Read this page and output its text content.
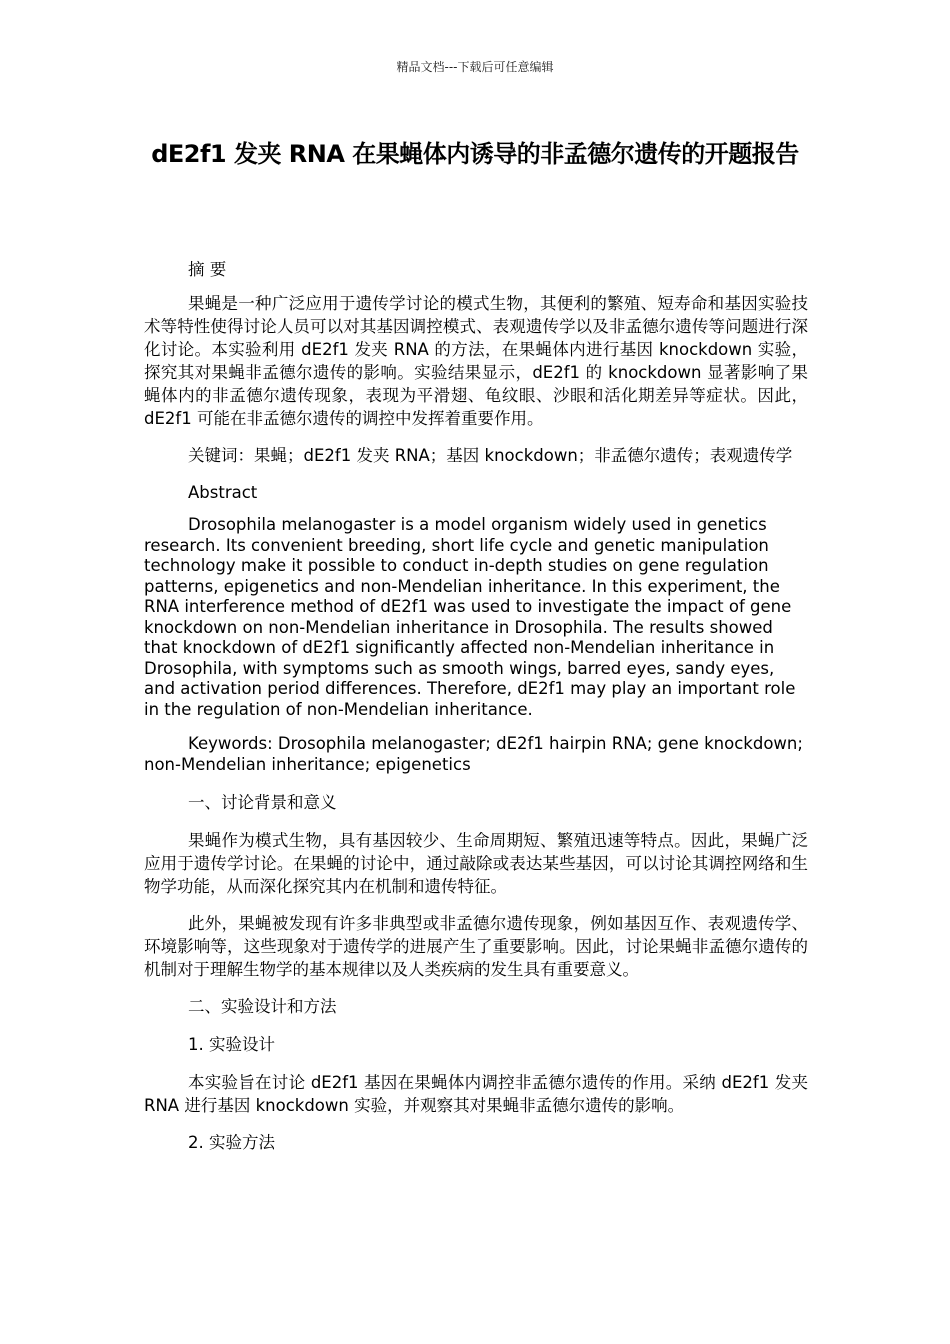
精品文档---下载后可任意编辑
dE2f1 发夹 RNA 在果蝇体内诱导的非孟德尔遗传的开题报告

摘 要

果蝇是一种广泛应用于遗传学讨论的模式生物，其便利的繁殖、短寿命和基因实验技术等特性使得讨论人员可以对其基因调控模式、表观遗传学以及非孟德尔遗传等问题进行深化讨论。本实验利用 dE2f1 发夹 RNA 的方法，在果蝇体内进行基因 knockdown 实验，探究其对果蝇非孟德尔遗传的影响。实验结果显示，dE2f1 的 knockdown 显著影响了果蝇体内的非孟德尔遗传现象，表现为平滑翅、龟纹眼、沙眼和活化期差异等症状。因此，dE2f1 可能在非孟德尔遗传的调控中发挥着重要作用。

关键词：果蝇；dE2f1 发夹 RNA；基因 knockdown；非孟德尔遗传；表观遗传学

Abstract

Drosophila melanogaster is a model organism widely used in genetics research. Its convenient breeding, short life cycle and genetic manipulation technology make it possible to conduct in-depth studies on gene regulation patterns, epigenetics and non-Mendelian inheritance. In this experiment, the RNA interference method of dE2f1 was used to investigate the impact of gene knockdown on non-Mendelian inheritance in Drosophila. The results showed that knockdown of dE2f1 significantly affected non-Mendelian inheritance in Drosophila, with symptoms such as smooth wings, barred eyes, sandy eyes, and activation period differences. Therefore, dE2f1 may play an important role in the regulation of non-Mendelian inheritance.

Keywords: Drosophila melanogaster; dE2f1 hairpin RNA; gene knockdown; non-Mendelian inheritance; epigenetics

一、讨论背景和意义

果蝇作为模式生物，具有基因较少、生命周期短、繁殖迅速等特点。因此，果蝇广泛应用于遗传学讨论。在果蝇的讨论中，通过敲除或表达某些基因，可以讨论其调控网络和生物学功能，从而深化探究其内在机制和遗传特征。

此外，果蝇被发现有许多非典型或非孟德尔遗传现象，例如基因互作、表观遗传学、环境影响等，这些现象对于遗传学的进展产生了重要影响。因此，讨论果蝇非孟德尔遗传的机制对于理解生物学的基本规律以及人类疾病的发生具有重要意义。

二、实验设计和方法

1. 实验设计

本实验旨在讨论 dE2f1 基因在果蝇体内调控非孟德尔遗传的作用。采纳 dE2f1 发夹 RNA 进行基因 knockdown 实验，并观察其对果蝇非孟德尔遗传的影响。

2. 实验方法
